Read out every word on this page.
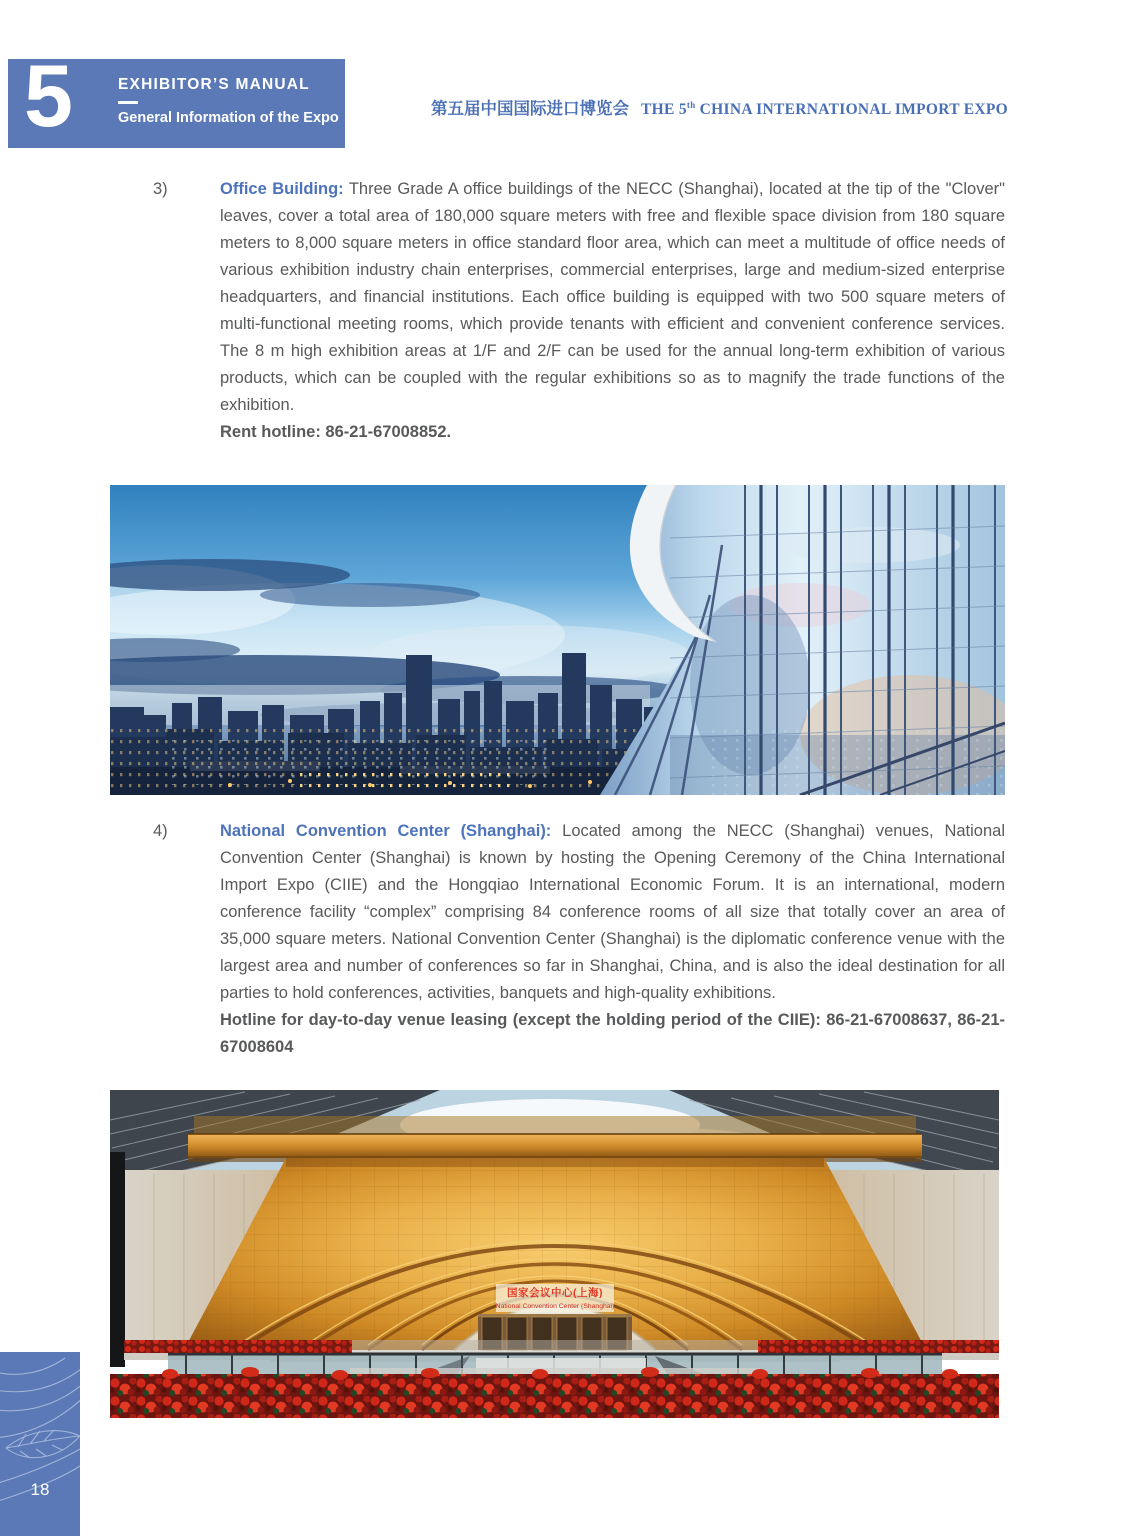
5	EXHIBITOR’S MANUAL
General Information of the Expo	第五届中国国际进口博览会 THE 5th CHINA INTERNATIONAL IMPORT EXPO
3)	Office Building: Three Grade A office buildings of the NECC (Shanghai), located at the tip of the "Clover" leaves, cover a total area of 180,000 square meters with free and flexible space division from 180 square meters to 8,000 square meters in office standard floor area, which can meet a multitude of office needs of various exhibition industry chain enterprises, commercial enterprises, large and medium-sized enterprise headquarters, and financial institutions. Each office building is equipped with two 500 square meters of multi-functional meeting rooms, which provide tenants with efficient and convenient conference services. The 8 m high exhibition areas at 1/F and 2/F can be used for the annual long-term exhibition of various products, which can be coupled with the regular exhibitions so as to magnify the trade functions of the exhibition.

Rent hotline: 86-21-67008852.

4)	National Convention Center (Shanghai): Located among the NECC (Shanghai) venues, National Convention Center (Shanghai) is known by hosting the Opening Ceremony of the China International Import Expo (CIIE) and the Hongqiao International Economic Forum. It is an international, modern conference facility “complex” comprising 84 conference rooms of all size that totally cover an area of 35,000 square meters. National Convention Center (Shanghai) is the diplomatic conference venue with the largest area and number of conferences so far in Shanghai, China, and is also the ideal destination for all parties to hold conferences, activities, banquets and high-quality exhibitions.

Hotline for day-to-day venue leasing (except the holding period of the CIIE): 86-21-67008637, 86-21-67008604

国家会议中心(上海)
National Convention Center (Shanghai)
18
